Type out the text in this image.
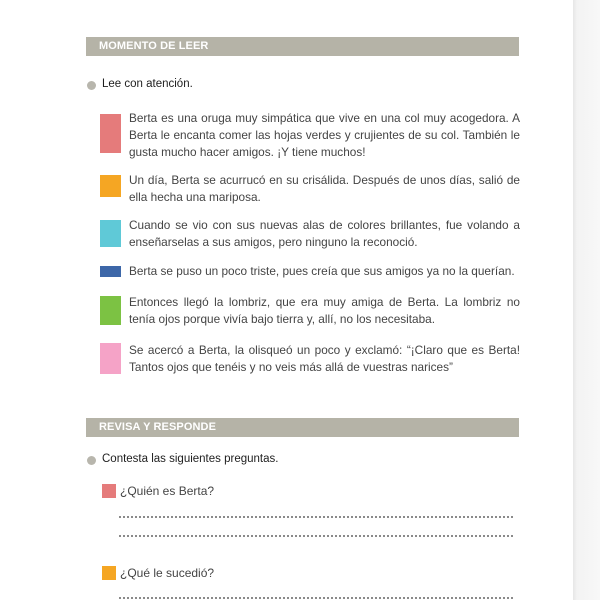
MOMENTO DE LEER
Lee con atención.
Berta es una oruga muy simpática que vive en una col muy acogedora. A Berta le encanta comer las hojas verdes y crujientes de su col. También le gusta mucho hacer amigos. ¡Y tiene muchos!
Un día, Berta se acurrucó en su crisálida. Después de unos días, salió de ella hecha una mariposa.
Cuando se vio con sus nuevas alas de colores brillantes, fue volando a enseñarselas a sus amigos, pero ninguno la reconoció.
Berta se puso un poco triste, pues creía que sus amigos ya no la querían.
Entonces llegó la lombriz, que era muy amiga de Berta. La lombriz no tenía ojos porque vivía bajo tierra y, allí, no los necesitaba.
Se acercó a Berta, la olisqueó un poco y exclamó: “¡Claro que es Berta! Tantos ojos que tenéis y no veis más allá de vuestras narices”
REVISA Y RESPONDE
Contesta las siguientes preguntas.
¿Quién es Berta?
¿Qué le sucedió?
